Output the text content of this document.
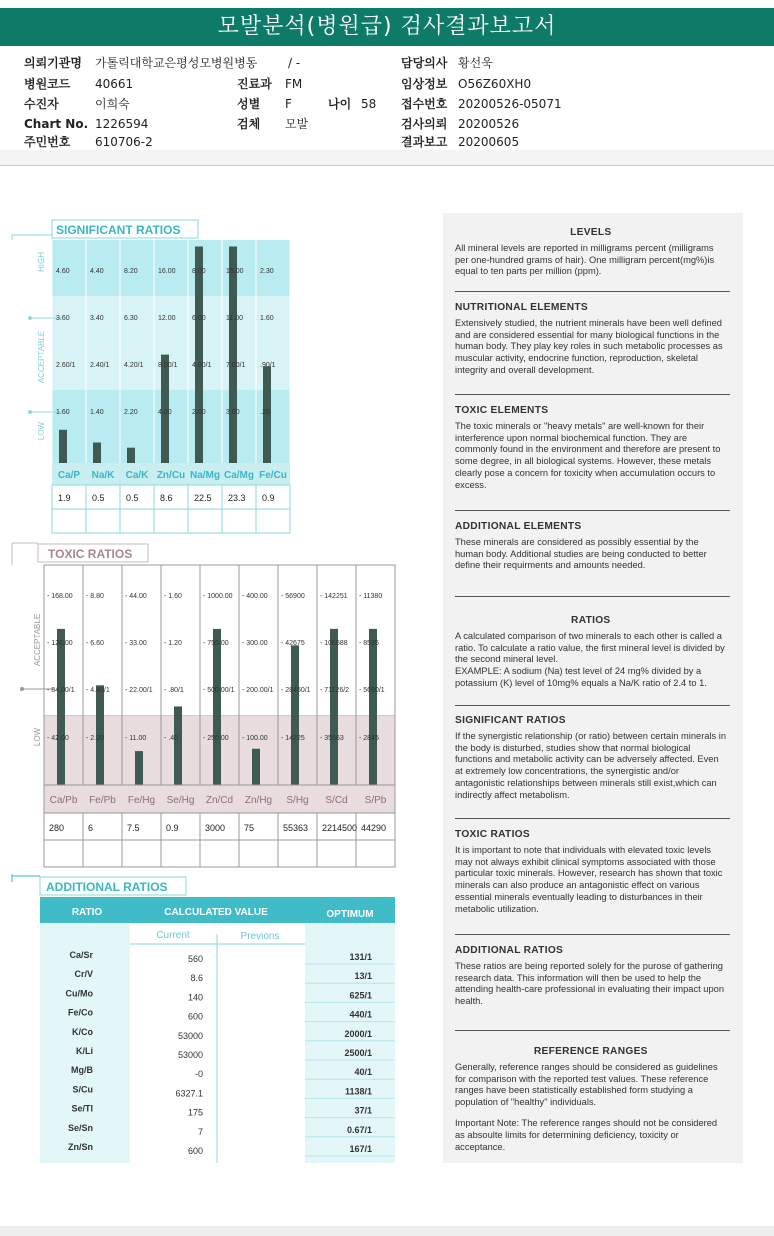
모발분석(병원급) 검사결과보고서
의뢰기관명 가톨릭대학교은평성모병원병동	/ -	담당의사 황선욱
병원코드 40661	진료과 FM	임상정보 O56Z60XH0
수진자	이희숙	성별 F	나이 58 접수번호 20200526-05071
Chart No. 1226594	검체 모발	검사의뢰 20200526
주민번호 610706-2	결과보고 20200605
SIGNIFICANT RATIOS
HIGH
ACCEPTABLE
LOW
4.60	4.40	8.20	16.00 8.00	15.00 2.30
3.60	3.40	6.30	12.00 6.00	11.00 1.60
2.60/1 2.40/1 4.20/1 8.00/1 4.00/1 7.00/1 .90/1
1.60	1.40	2.20	4.00	2.00	3.00	.20
Ca/P Na/K Ca/K Zn/Cu Na/Mg Ca/Mg Fe/Cu
1.9 0.5 0.5 8.6 22.5 23.3 0.9
TOXIC RATIOS
ACCEPTABLE
LOW
- 168.00 - 8.80	- 44.00 - 1.60	- 1000.00 - 400.00 - 56900 - 142251 - 11380
- 126.00 - 6.60	- 33.00 - 1.20	- 750.00 - 300.00 - 42675 - 106688 - 8535
- 84.00/1 - 4.40/1 - 22.00/1 - .80/1	- 500.00/1 - 200.00/1 - 28450/1 - 71126/2 - 5690/1
- 42.00 - 2.20	- 11.00	- .40	- 250.00 - 100.00 - 14225 - 35563 - 2845
Ca/Pb Fe/Pb Fe/Hg Se/Hg Zn/Cd Zn/Hg S/Hg S/Cd S/Pb
280	6	7.5	0.9	3000 75	55363 2214500 44290
ADDITIONAL RATIOS
RATIO	CALCULATED VALUE	OPTIMUM
Current	Previons
Ca/Sr	560	131/1
Cr/V	8.6	13/1
Cu/Mo	140	625/1
Fe/Co	600	440/1
K/Co	53000	2000/1
K/Li	53000	2500/1
Mg/B	-0	40/1
S/Cu	6327.1	1138/1
Se/Tl	175	37/1
Se/Sn	7	0.67/1
Zn/Sn	600	167/1
LEVELS

All mineral levels are reported in milligrams percent (milligrams per one-hundred grams of hair). One milligram percent(mg%)is equal to ten parts per million (ppm).

NUTRITIONAL ELEMENTS

Extensively studied, the nutrient minerals have been well defined and are considered essential for many biological functions in the human body. They play key roles in such metabolic processes as muscular activity, endocrine function, reproduction, skeletal integrity and overall development.

TOXIC ELEMENTS

The toxic minerals or "heavy metals" are well-known for their interference upon normal biochemical function. They are commonly found in the environment and therefore are present to some degree, in all biological systems. However, these metals clearly pose a concern for toxicity when accumulation occurs to excess.

ADDITIONAL ELEMENTS

These minerals are considered as possibly essential by the human body. Additional studies are being conducted to better define their requirments and amounts needed.

RATIOS

A calculated comparison of two minerals to each other is called a ratio. To calculate a ratio value, the first mineral level is divided by the second mineral level.

EXAMPLE: A sodium (Na) test level of 24 mg% divided by a potassium (K) level of 10mg% equals a Na/K ratio of 2.4 to 1.

SIGNIFICANT RATIOS

If the synergistic relationship (or ratio) between certain minerals in the body is disturbed, studies show that normal biological functions and metabolic activity can be adversely affected. Even at extremely low concentrations, the synergistic and/or antagonistic relationships between minerals still exist,which can indirectly affect metabolism.

TOXIC RATIOS

It is important to note that individuals with elevated toxic levels may not always exhibit clinical symptoms associated with those particular toxic minerals. However, research has shown that toxic minerals can also produce an antagonistic effect on various essential minerals eventually leading to disturbances in their metabolic utilization.

ADDITIONAL RATIOS

These ratios are being reported solely for the purose of gathering research data. This information will then be used to help the attending health-care professional in evaluating their impact upon health.

REFERENCE RANGES

Generally, reference ranges should be considered as guidelines for comparison with the reported test values. These reference ranges have been statistically established form studying a population of "healthy" individuals.

Important Note: The reference ranges should not be considered as absoulte limits for determining deficiency, toxicity or acceptance.
